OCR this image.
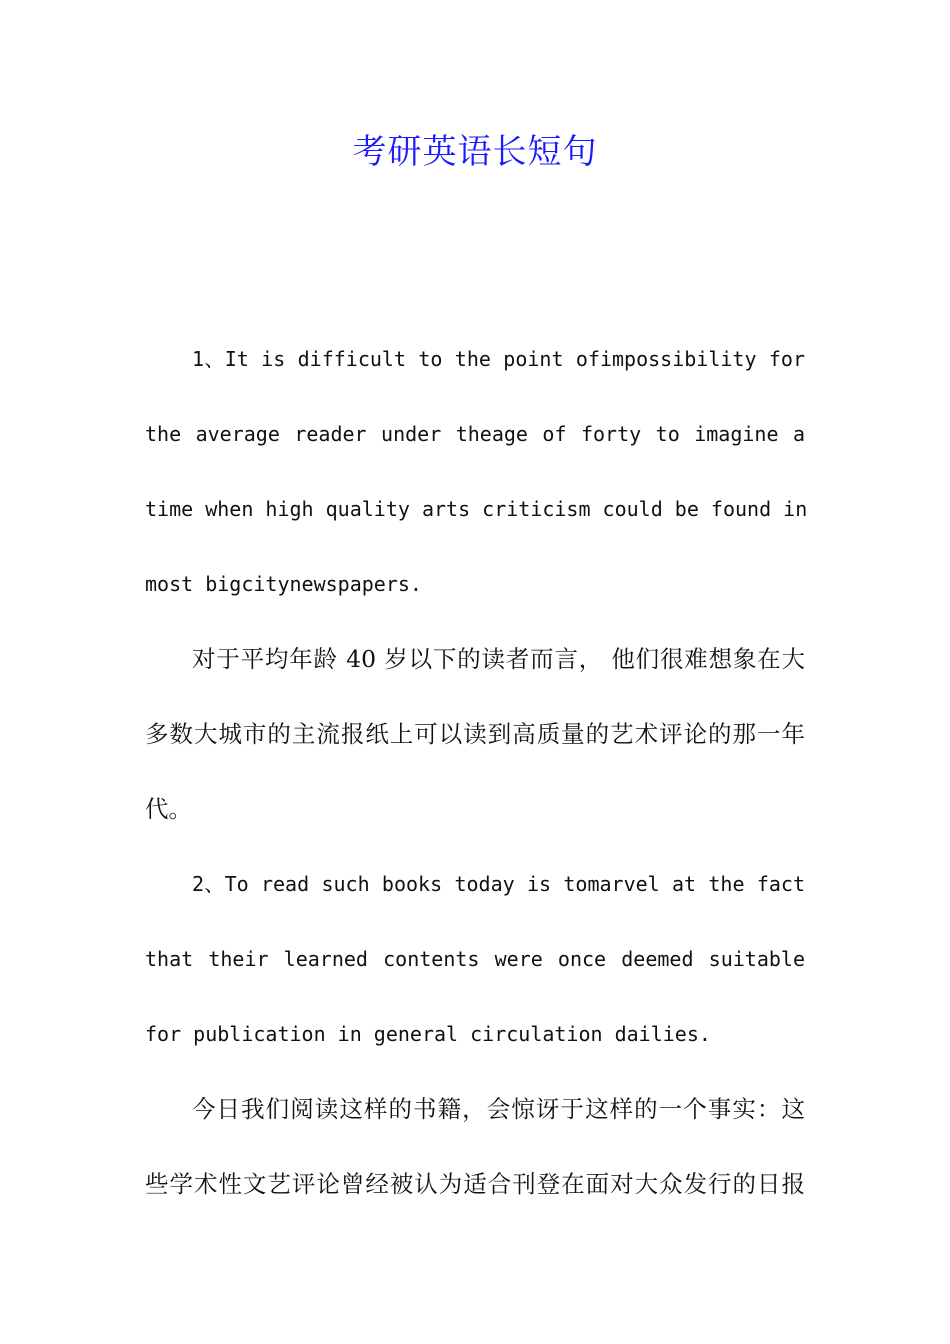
考研英语长短句
1、It is difficult to the point ofimpossibility for
the average reader under theage of forty to imagine a
time when high quality arts criticism could be found in
most bigcitynewspapers.
对于平均年龄 40 岁以下的读者而言， 他们很难想象在大
多数大城市的主流报纸上可以读到高质量的艺术评论的那一年
代。
2、To read such books today is tomarvel at the fact
that their learned contents were once deemed suitable
for publication in general circulation dailies.
今日我们阅读这样的书籍，会惊讶于这样的一个事实：这
些学术性文艺评论曾经被认为适合刊登在面对大众发行的日报
